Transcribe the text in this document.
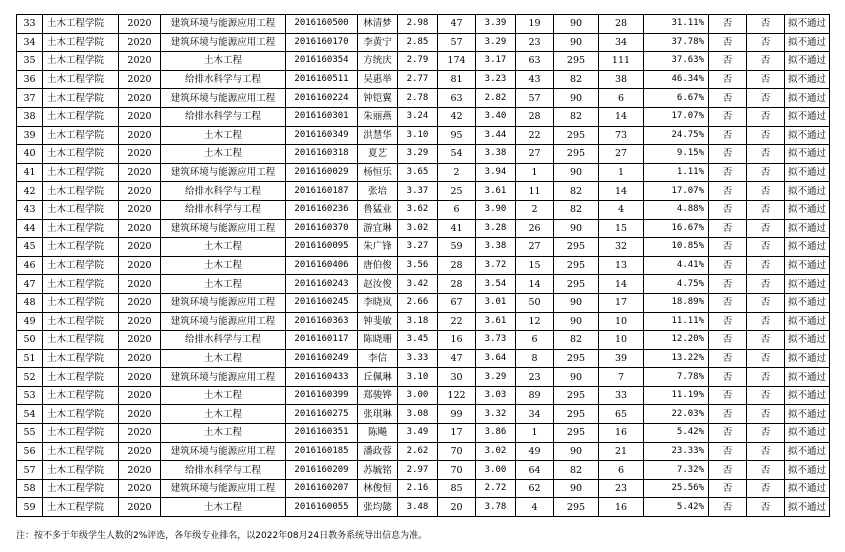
33	土木工程学院	2020	建筑环境与能源应用工程	2016160500	林清梦	2.98	47	3.39	19	90	28	31.11%	否	否	拟不通过
34	土木工程学院	2020	建筑环境与能源应用工程	2016160170	李黄宁	2.85	57	3.29	23	90	34	37.78%	否	否	拟不通过
35	土木工程学院	2020	土木工程	2016160354	方统庆	2.79	174	3.17	63	295	111	37.63%	否	否	拟不通过
36	土木工程学院	2020	给排水科学与工程	2016160511	吴惠举	2.77	81	3.23	43	82	38	46.34%	否	否	拟不通过
37	土木工程学院	2020	建筑环境与能源应用工程	2016160224	钟铠翼	2.78	63	2.82	57	90	6	6.67%	否	否	拟不通过
38	土木工程学院	2020	给排水科学与工程	2016160301	朱丽燕	3.24	42	3.40	28	82	14	17.07%	否	否	拟不通过
39	土木工程学院	2020	土木工程	2016160349	洪慧华	3.10	95	3.44	22	295	73	24.75%	否	否	拟不通过
40	土木工程学院	2020	土木工程	2016160318	夏艺	3.29	54	3.38	27	295	27	9.15%	否	否	拟不通过
41	土木工程学院	2020	建筑环境与能源应用工程	2016160029	杨恒乐	3.65	2	3.94	1	90	1	1.11%	否	否	拟不通过
42	土木工程学院	2020	给排水科学与工程	2016160187	张培	3.37	25	3.61	11	82	14	17.07%	否	否	拟不通过
43	土木工程学院	2020	给排水科学与工程	2016160236	鲁猛业	3.62	6	3.90	2	82	4	4.88%	否	否	拟不通过
44	土木工程学院	2020	建筑环境与能源应用工程	2016160370	游宜琳	3.02	41	3.28	26	90	15	16.67%	否	否	拟不通过
45	土木工程学院	2020	土木工程	2016160095	朱广锋	3.27	59	3.38	27	295	32	10.85%	否	否	拟不通过
46	土木工程学院	2020	土木工程	2016160406	唐伯俊	3.56	28	3.72	15	295	13	4.41%	否	否	拟不通过
47	土木工程学院	2020	土木工程	2016160243	赵汝俊	3.42	28	3.54	14	295	14	4.75%	否	否	拟不通过
48	土木工程学院	2020	建筑环境与能源应用工程	2016160245	李晓岚	2.66	67	3.01	50	90	17	18.89%	否	否	拟不通过
49	土木工程学院	2020	建筑环境与能源应用工程	2016160363	钟斐敏	3.18	22	3.61	12	90	10	11.11%	否	否	拟不通过
50	土木工程学院	2020	给排水科学与工程	2016160117	陈晓珊	3.45	16	3.73	6	82	10	12.20%	否	否	拟不通过
51	土木工程学院	2020	土木工程	2016160249	李信	3.33	47	3.64	8	295	39	13.22%	否	否	拟不通过
52	土木工程学院	2020	建筑环境与能源应用工程	2016160433	丘佩琳	3.10	30	3.29	23	90	7	7.78%	否	否	拟不通过
53	土木工程学院	2020	土木工程	2016160399	郑骏铧	3.00	122	3.03	89	295	33	11.19%	否	否	拟不通过
54	土木工程学院	2020	土木工程	2016160275	张琪琳	3.08	99	3.32	34	295	65	22.03%	否	否	拟不通过
55	土木工程学院	2020	土木工程	2016160351	陈飚	3.49	17	3.86	1	295	16	5.42%	否	否	拟不通过
56	土木工程学院	2020	建筑环境与能源应用工程	2016160185	潘政蓉	2.62	70	3.02	49	90	21	23.33%	否	否	拟不通过
57	土木工程学院	2020	给排水科学与工程	2016160209	苏毓铭	2.97	70	3.00	64	82	6	7.32%	否	否	拟不通过
58	土木工程学院	2020	建筑环境与能源应用工程	2016160207	林俊恒	2.16	85	2.72	62	90	23	25.56%	否	否	拟不通过
59	土木工程学院	2020	土木工程	2016160055	张均懿	3.48	20	3.78	4	295	16	5.42%	否	否	拟不通过
注：按不多于年级学生人数的2%评选，各年级专业排名，以2022年08月24日教务系统导出信息为准。
